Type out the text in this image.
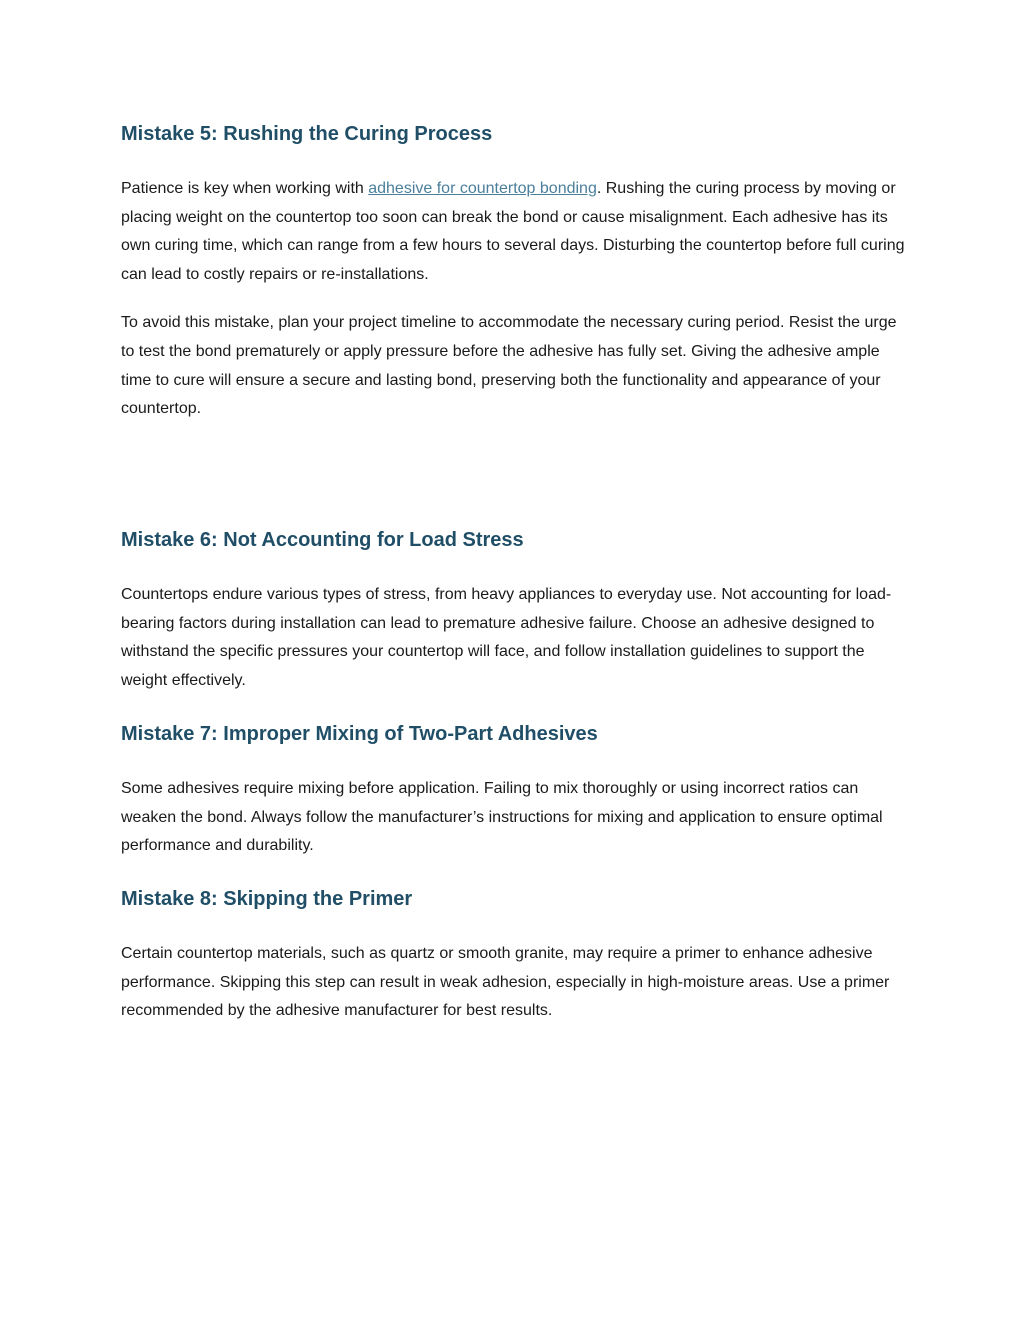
Mistake 5: Rushing the Curing Process

Patience is key when working with adhesive for countertop bonding. Rushing the curing process by moving or placing weight on the countertop too soon can break the bond or cause misalignment. Each adhesive has its own curing time, which can range from a few hours to several days. Disturbing the countertop before full curing can lead to costly repairs or re-installations.

To avoid this mistake, plan your project timeline to accommodate the necessary curing period. Resist the urge to test the bond prematurely or apply pressure before the adhesive has fully set. Giving the adhesive ample time to cure will ensure a secure and lasting bond, preserving both the functionality and appearance of your countertop.

Mistake 6: Not Accounting for Load Stress

Countertops endure various types of stress, from heavy appliances to everyday use. Not accounting for load-bearing factors during installation can lead to premature adhesive failure. Choose an adhesive designed to withstand the specific pressures your countertop will face, and follow installation guidelines to support the weight effectively.

Mistake 7: Improper Mixing of Two-Part Adhesives

Some adhesives require mixing before application. Failing to mix thoroughly or using incorrect ratios can weaken the bond. Always follow the manufacturer’s instructions for mixing and application to ensure optimal performance and durability.

Mistake 8: Skipping the Primer

Certain countertop materials, such as quartz or smooth granite, may require a primer to enhance adhesive performance. Skipping this step can result in weak adhesion, especially in high-moisture areas. Use a primer recommended by the adhesive manufacturer for best results.
